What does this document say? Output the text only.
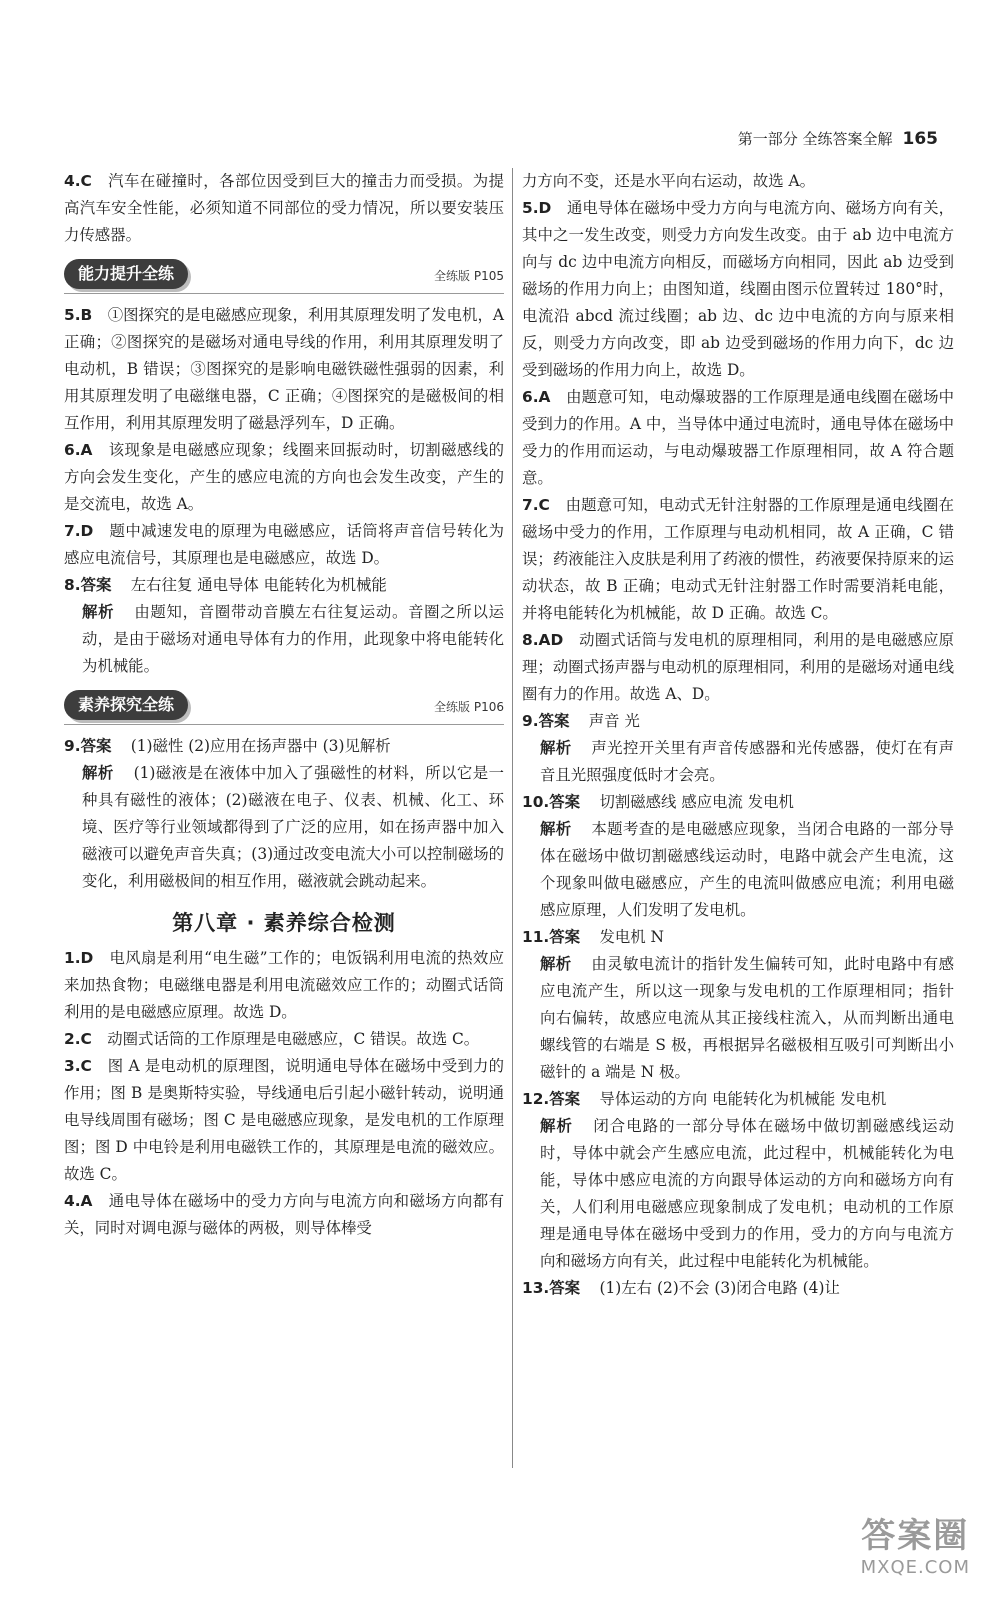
第一部分 全练答案全解 165
4.C　 汽车在碰撞时，各部位因受到巨大的撞击力而受损。为提高汽车安全性能，必须知道不同部位的受力情况，所以要安装压力传感器。
能力提升全练	全练版 P105
5.B　 ①图探究的是电磁感应现象，利用其原理发明了发电机，A 正确；②图探究的是磁场对通电导线的作用，利用其原理发明了电动机，B 错误；③图探究的是影响电磁铁磁性强弱的因素，利用其原理发明了电磁继电器，C 正确；④图探究的是磁极间的相互作用，利用其原理发明了磁悬浮列车，D 正确。
6.A　 该现象是电磁感应现象；线圈来回振动时，切割磁感线的方向会发生变化，产生的感应电流的方向也会发生改变，产生的是交流电，故选 A。
7.D　 题中减速发电的原理为电磁感应，话筒将声音信号转化为感应电流信号，其原理也是电磁感应，故选 D。
8.答案　 左右往复 通电导体 电能转化为机械能
解析　 由题知，音圈带动音膜左右往复运动。音圈之所以运动，是由于磁场对通电导体有力的作用，此现象中将电能转化为机械能。
素养探究全练	全练版 P106
9.答案　 (1)磁性 (2)应用在扬声器中 (3)见解析
解析　 (1)磁液是在液体中加入了强磁性的材料，所以它是一种具有磁性的液体；(2)磁液在电子、仪表、机械、化工、环境、医疗等行业领域都得到了广泛的应用，如在扬声器中加入磁液可以避免声音失真；(3)通过改变电流大小可以控制磁场的变化，利用磁极间的相互作用，磁液就会跳动起来。
第八章 · 素养综合检测
1.D　 电风扇是利用“电生磁”工作的；电饭锅利用电流的热效应来加热食物；电磁继电器是利用电流磁效应工作的；动圈式话筒利用的是电磁感应原理。故选 D。
2.C　 动圈式话筒的工作原理是电磁感应，C 错误。故选 C。
3.C　 图 A 是电动机的原理图，说明通电导体在磁场中受到力的作用；图 B 是奥斯特实验，导线通电后引起小磁针转动，说明通电导线周围有磁场；图 C 是电磁感应现象，是发电机的工作原理图；图 D 中电铃是利用电磁铁工作的，其原理是电流的磁效应。故选 C。
4.A　 通电导体在磁场中的受力方向与电流方向和磁场方向都有关，同时对调电源与磁体的两极，则导体棒受
力方向不变，还是水平向右运动，故选 A。
5.D　 通电导体在磁场中受力方向与电流方向、磁场方向有关，其中之一发生改变，则受力方向发生改变。由于 ab 边中电流方向与 dc 边中电流方向相反，而磁场方向相同，因此 ab 边受到磁场的作用力向上；由图知道，线圈由图示位置转过 180°时，电流沿 abcd 流过线圈；ab 边、dc 边中电流的方向与原来相反，则受力方向改变，即 ab 边受到磁场的作用力向下，dc 边受到磁场的作用力向上，故选 D。
6.A　 由题意可知，电动爆玻器的工作原理是通电线圈在磁场中受到力的作用。A 中，当导体中通过电流时，通电导体在磁场中受力的作用而运动，与电动爆玻器工作原理相同，故 A 符合题意。
7.C　 由题意可知，电动式无针注射器的工作原理是通电线圈在磁场中受力的作用，工作原理与电动机相同，故 A 正确，C 错误；药液能注入皮肤是利用了药液的惯性，药液要保持原来的运动状态，故 B 正确；电动式无针注射器工作时需要消耗电能，并将电能转化为机械能，故 D 正确。故选 C。
8.AD　 动圈式话筒与发电机的原理相同，利用的是电磁感应原理；动圈式扬声器与电动机的原理相同，利用的是磁场对通电线圈有力的作用。故选 A、D。
9.答案　 声音 光
解析　 声光控开关里有声音传感器和光传感器，使灯在有声音且光照强度低时才会亮。
10.答案　 切割磁感线 感应电流 发电机
解析　 本题考查的是电磁感应现象，当闭合电路的一部分导体在磁场中做切割磁感线运动时，电路中就会产生电流，这个现象叫做电磁感应，产生的电流叫做感应电流；利用电磁感应原理，人们发明了发电机。
11.答案　 发电机 N
解析　 由灵敏电流计的指针发生偏转可知，此时电路中有感应电流产生，所以这一现象与发电机的工作原理相同；指针向右偏转，故感应电流从其正接线柱流入，从而判断出通电螺线管的右端是 S 极，再根据异名磁极相互吸引可判断出小磁针的 a 端是 N 极。
12.答案　 导体运动的方向 电能转化为机械能 发电机
解析　 闭合电路的一部分导体在磁场中做切割磁感线运动时，导体中就会产生感应电流，此过程中，机械能转化为电能，导体中感应电流的方向跟导体运动的方向和磁场方向有关，人们利用电磁感应现象制成了发电机；电动机的工作原理是通电导体在磁场中受到力的作用，受力的方向与电流方向和磁场方向有关，此过程中电能转化为机械能。
13.答案　 (1)左右 (2)不会 (3)闭合电路 (4)让
答案圈
MXQE.COM
